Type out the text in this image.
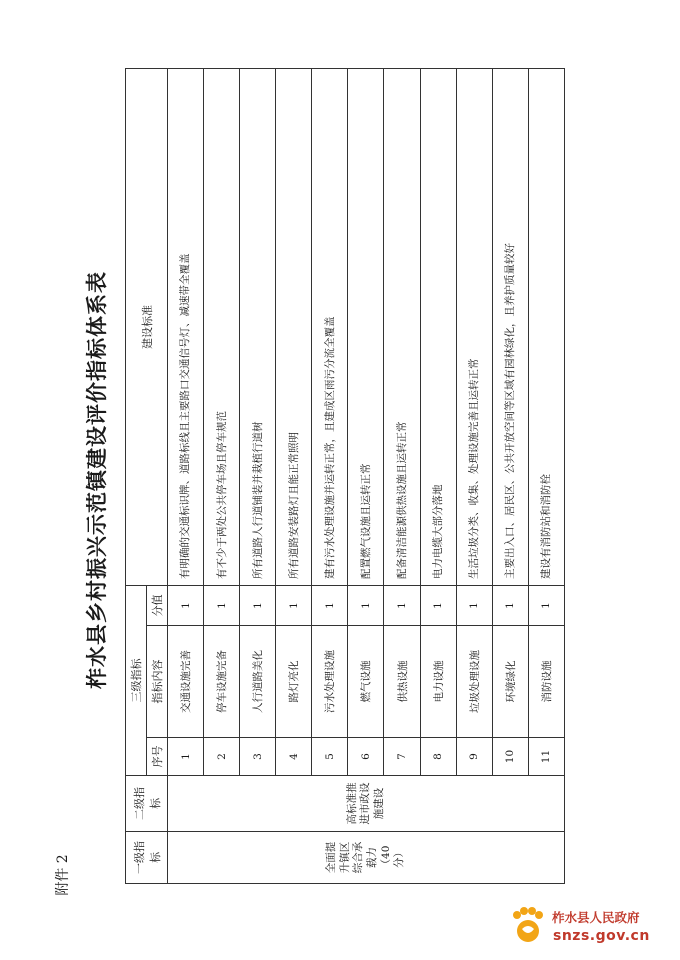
附件 2
柞水县乡村振兴示范镇建设评价指标体系表
一级指标	二级指标	三级指标			建设标准
		序号	指标内容	分值	
全面提升镇区综合承载力（40 分）	高标准推进市政设施建设	1	交通设施完善	1	有明确的交通标识牌、道路标线且主要路口交通信号灯、减速带全覆盖
		2	停车设施完备	1	有不少于两处公共停车场且停车规范
		3	人行道路美化	1	所有道路人行道铺装并栽植行道树
		4	路灯亮化	1	所有道路安装路灯且能正常照明
		5	污水处理设施	1	建有污水处理设施并运转正常，且建成区雨污分流全覆盖
		6	燃气设施	1	配置燃气设施且运转正常
		7	供热设施	1	配备清洁能源供热设施且运转正常
		8	电力设施	1	电力电缆大部分落地
		9	垃圾处理设施	1	生活垃圾分类、收集、处理设施完善且运转正常
		10	环境绿化	1	主要出入口、居民区、公共开放空间等区域有园林绿化，且养护质量较好
		11	消防设施	1	建设有消防站和消防栓
柞水县人民政府
snzs.gov.cn
